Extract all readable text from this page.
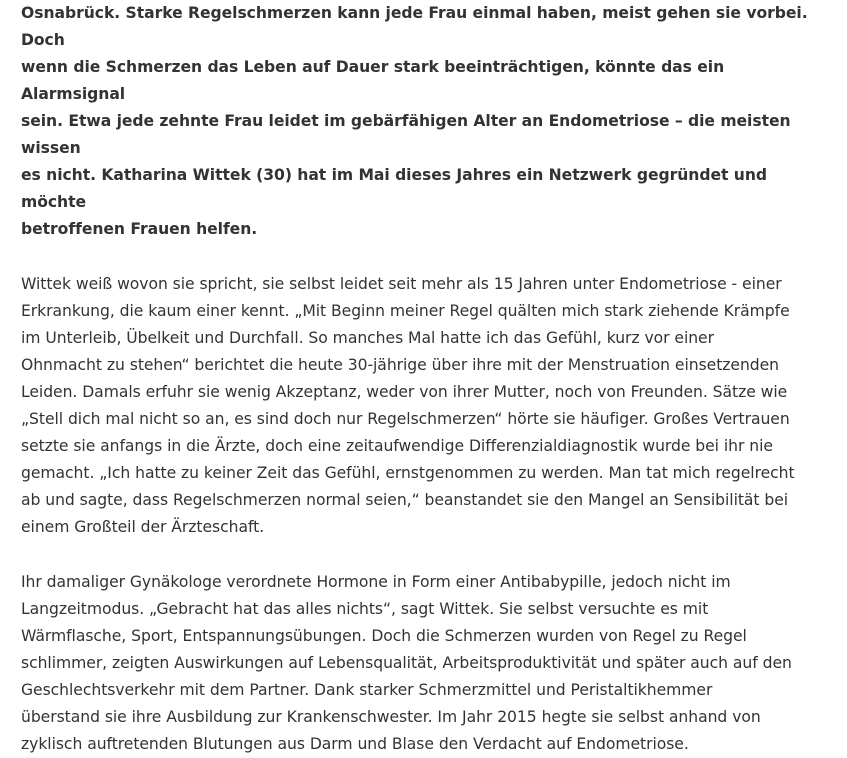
Osnabrück. Starke Regelschmerzen kann jede Frau einmal haben, meist gehen sie vorbei. Doch
wenn die Schmerzen das Leben auf Dauer stark beeinträchtigen, könnte das ein Alarmsignal
sein. Etwa jede zehnte Frau leidet im gebärfähigen Alter an Endometriose – die meisten wissen
es nicht. Katharina Wittek (30) hat im Mai dieses Jahres ein Netzwerk gegründet und möchte
betroffenen Frauen helfen.

Wittek weiß wovon sie spricht, sie selbst leidet seit mehr als 15 Jahren unter Endometriose - einer
Erkrankung, die kaum einer kennt. „Mit Beginn meiner Regel quälten mich stark ziehende Krämpfe
im Unterleib, Übelkeit und Durchfall. So manches Mal hatte ich das Gefühl, kurz vor einer
Ohnmacht zu stehen“ berichtet die heute 30-jährige über ihre mit der Menstruation einsetzenden
Leiden. Damals erfuhr sie wenig Akzeptanz, weder von ihrer Mutter, noch von Freunden. Sätze wie
„Stell dich mal nicht so an, es sind doch nur Regelschmerzen“ hörte sie häufiger. Großes Vertrauen
setzte sie anfangs in die Ärzte, doch eine zeitaufwendige Differenzialdiagnostik wurde bei ihr nie
gemacht. „Ich hatte zu keiner Zeit das Gefühl, ernstgenommen zu werden. Man tat mich regelrecht
ab und sagte, dass Regelschmerzen normal seien,“ beanstandet sie den Mangel an Sensibilität bei
einem Großteil der Ärzteschaft.

Ihr damaliger Gynäkologe verordnete Hormone in Form einer Antibabypille, jedoch nicht im
Langzeitmodus. „Gebracht hat das alles nichts“, sagt Wittek. Sie selbst versuchte es mit
Wärmflasche, Sport, Entspannungsübungen. Doch die Schmerzen wurden von Regel zu Regel
schlimmer, zeigten Auswirkungen auf Lebensqualität, Arbeitsproduktivität und später auch auf den
Geschlechtsverkehr mit dem Partner. Dank starker Schmerzmittel und Peristaltikhemmer
überstand sie ihre Ausbildung zur Krankenschwester. Im Jahr 2015 hegte sie selbst anhand von
zyklisch auftretenden Blutungen aus Darm und Blase den Verdacht auf Endometriose.
